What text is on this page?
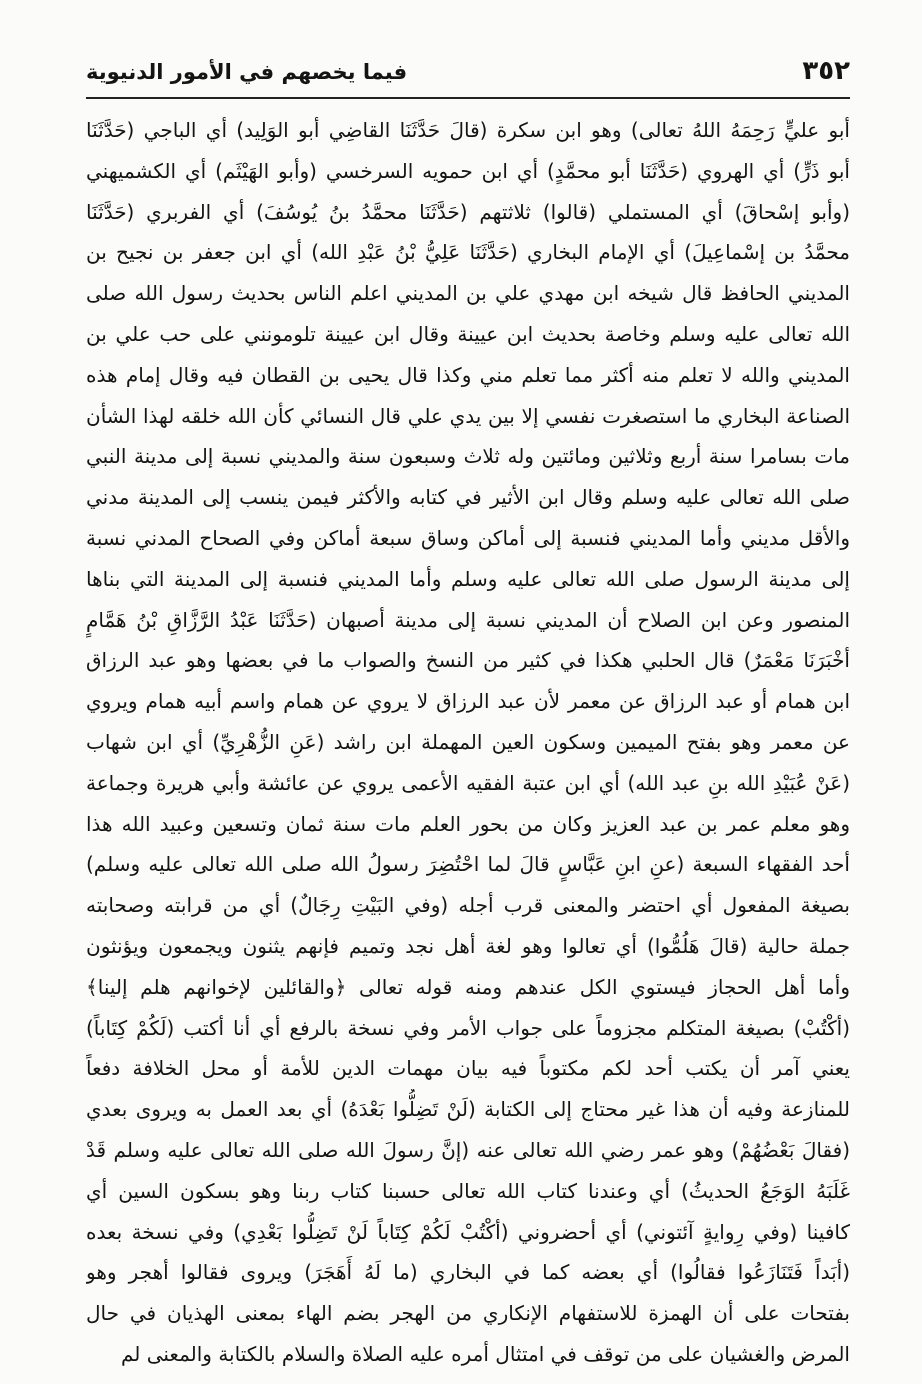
٣٥٢
فيما يخصهم في الأمور الدنيوية
أبو عليٍّ رَحِمَهُ اللهُ تعالى) وهو ابن سكرة (قالَ حَدَّثَنَا القاضِي أبو الوَلِيد) أي الباجي (حَدَّثَنَا
أبو ذَرٍّ) أي الهروي (حَدَّثَنَا أبو محمَّدٍ) أي ابن حمويه السرخسي (وأبو الهَيْثَم) أي الكشميهني
(وأبو إسْحاقَ) أي المستملي (قالوا) ثلاثتهم (حَدَّثَنَا محمَّدُ بنُ يُوسُفَ) أي الفربري (حَدَّثَنَا
محمَّدُ بن إسْماعِيلَ) أي الإمام البخاري (حَدَّثَنَا عَلِيُّ بْنُ عَبْدِ الله) أي ابن جعفر بن نجيح بن
المديني الحافظ قال شيخه ابن مهدي علي بن المديني اعلم الناس بحديث رسول الله صلى
الله تعالى عليه وسلم وخاصة بحديث ابن عيينة وقال ابن عيينة تلومونني على حب علي بن
المديني والله لا تعلم منه أكثر مما تعلم مني وكذا قال يحيى بن القطان فيه وقال إمام هذه
الصناعة البخاري ما استصغرت نفسي إلا بين يدي علي قال النسائي كأن الله خلقه لهذا الشأن
مات بسامرا سنة أربع وثلاثين ومائتين وله ثلاث وسبعون سنة والمديني نسبة إلى مدينة النبي
صلى الله تعالى عليه وسلم وقال ابن الأثير في كتابه والأكثر فيمن ينسب إلى المدينة مدني
والأقل مديني وأما المديني فنسبة إلى أماكن وساق سبعة أماكن وفي الصحاح المدني نسبة
إلى مدينة الرسول صلى الله تعالى عليه وسلم وأما المديني فنسبة إلى المدينة التي بناها
المنصور وعن ابن الصلاح أن المديني نسبة إلى مدينة أصبهان (حَدَّثَنَا عَبْدُ الرَّزَّاقِ بْنُ هَمَّامٍ
أخْبَرَنَا مَعْمَرٌ) قال الحلبي هكذا في كثير من النسخ والصواب ما في بعضها وهو عبد الرزاق
ابن همام أو عبد الرزاق عن معمر لأن عبد الرزاق لا يروي عن همام واسم أبيه همام ويروي
عن معمر وهو بفتح الميمين وسكون العين المهملة ابن راشد (عَنِ الزُّهْرِيِّ) أي ابن شهاب
(عَنْ عُبَيْدِ الله بنِ عبد الله) أي ابن عتبة الفقيه الأعمى يروي عن عائشة وأبي هريرة وجماعة
وهو معلم عمر بن عبد العزيز وكان من بحور العلم مات سنة ثمان وتسعين وعبيد الله هذا
أحد الفقهاء السبعة (عنِ ابنِ عَبَّاسٍ قالَ لما احْتُضِرَ رسولُ الله صلى الله تعالى عليه وسلم)
بصيغة المفعول أي احتضر والمعنى قرب أجله (وفي البَيْتِ رِجَالٌ) أي من قرابته وصحابته
جملة حالية (قالَ هَلُمُّوا) أي تعالوا وهو لغة أهل نجد وتميم فإنهم يثنون ويجمعون ويؤنثون
وأما أهل الحجاز فيستوي الكل عندهم ومنه قوله تعالى ﴿والقائلين لإخوانهم هلم إلينا﴾
(أكْتُبْ) بصيغة المتكلم مجزوماً على جواب الأمر وفي نسخة بالرفع أي أنا أكتب (لَكُمْ كِتَاباً)
يعني آمر أن يكتب أحد لكم مكتوباً فيه بيان مهمات الدين للأمة أو محل الخلافة دفعاً
للمنازعة وفيه أن هذا غير محتاج إلى الكتابة (لَنْ تَضِلُّوا بَعْدَهُ) أي بعد العمل به ويروى بعدي
(فقالَ بَعْضُهُمْ) وهو عمر رضي الله تعالى عنه (إنَّ رسولَ الله صلى الله تعالى عليه وسلم قَدْ
غَلَبَهُ الوَجَعُ الحديثُ) أي وعندنا كتاب الله تعالى حسبنا كتاب ربنا وهو بسكون السين أي
كافينا (وفي رِوايةٍ آئتوني) أي أحضروني (أكْتُبْ لَكُمْ كِتَاباً لَنْ تَضِلُّوا بَعْدِي) وفي نسخة بعده
(أبَداً فَتَنَازَعُوا فقالُوا) أي بعضه كما في البخاري (ما لَهُ أَهَجَرَ) ويروى فقالوا أهجر وهو
بفتحات على أن الهمزة للاستفهام الإنكاري من الهجر بضم الهاء بمعنى الهذيان في حال
المرض والغشيان على من توقف في امتثال أمره عليه الصلاة والسلام بالكتابة والمعنى لم
